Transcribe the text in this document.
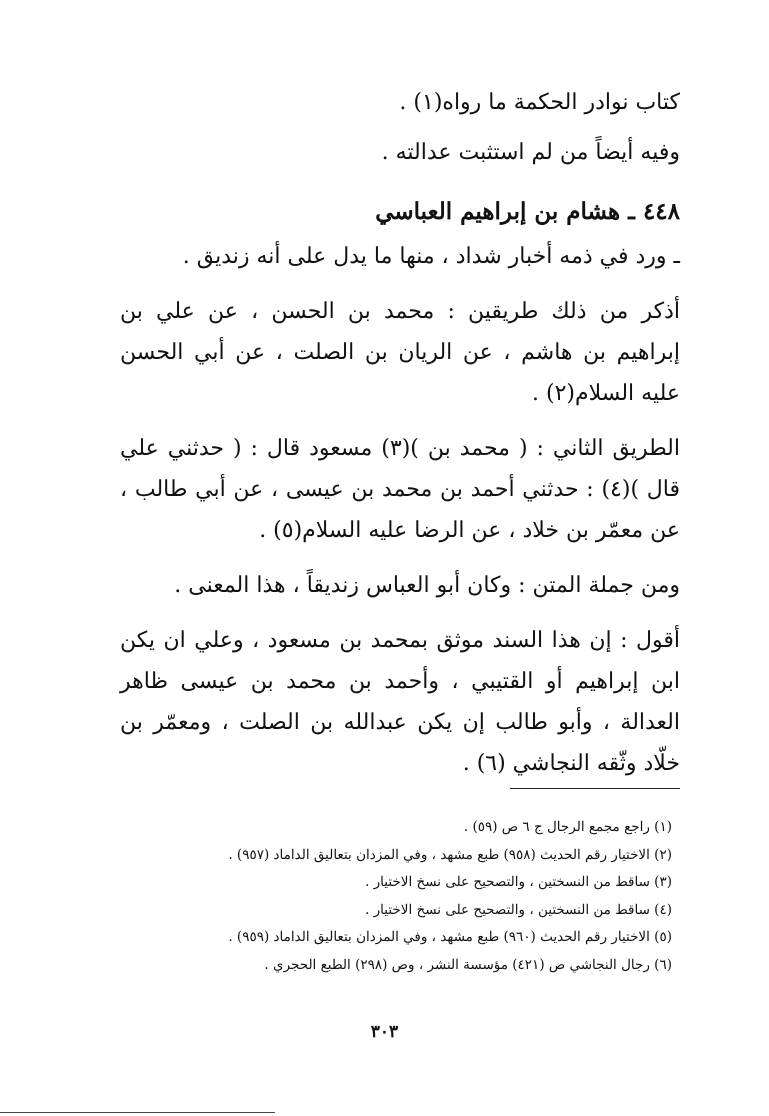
كتاب نوادر الحكمة ما رواه(١) .

وفيه أيضاً من لم استثبت عدالته .

٤٤٨ ـ هشام بن إبراهيم العباسي

ـ ورد في ذمه أخبار شداد ، منها ما يدل على أنه زنديق .

أذكر من ذلك طريقين : محمد بن الحسن ، عن علي بن إبراهيم بن هاشم ، عن الريان بن الصلت ، عن أبي الحسن عليه السلام(٢) .

الطريق الثاني : ( محمد بن )(٣) مسعود قال : ( حدثني علي قال )(٤) : حدثني أحمد بن محمد بن عيسى ، عن أبي طالب ، عن معمّر بن خلاد ، عن الرضا عليه السلام(٥) .

ومن جملة المتن : وكان أبو العباس زنديقاً ، هذا المعنى .

أقول : إن هذا السند موثق بمحمد بن مسعود ، وعلي ان يكن ابن إبراهيم أو القتيبي ، وأحمد بن محمد بن عيسى ظاهر العدالة ، وأبو طالب إن يكن عبدالله بن الصلت ، ومعمّر بن خلّاد وثّقه النجاشي (٦) .

(١) راجع مجمع الرجال ج ٦ ص (٥٩) .

(٢) الاختيار رقم الحديث (٩٥٨) طبع مشهد ، وفي المزدان بتعاليق الداماد (٩٥٧) .

(٣) ساقط من النسختين ، والتصحيح على نسخ الاختيار .

(٤) ساقط من النسختين ، والتصحيح على نسخ الاختيار .

(٥) الاختيار رقم الحديث (٩٦٠) طبع مشهد ، وفي المزدان بتعاليق الداماد (٩٥٩) .

(٦) رجال النجاشي ص (٤٢١) مؤسسة النشر ، وص (٢٩٨) الطبع الحجري .

٣٠٣
